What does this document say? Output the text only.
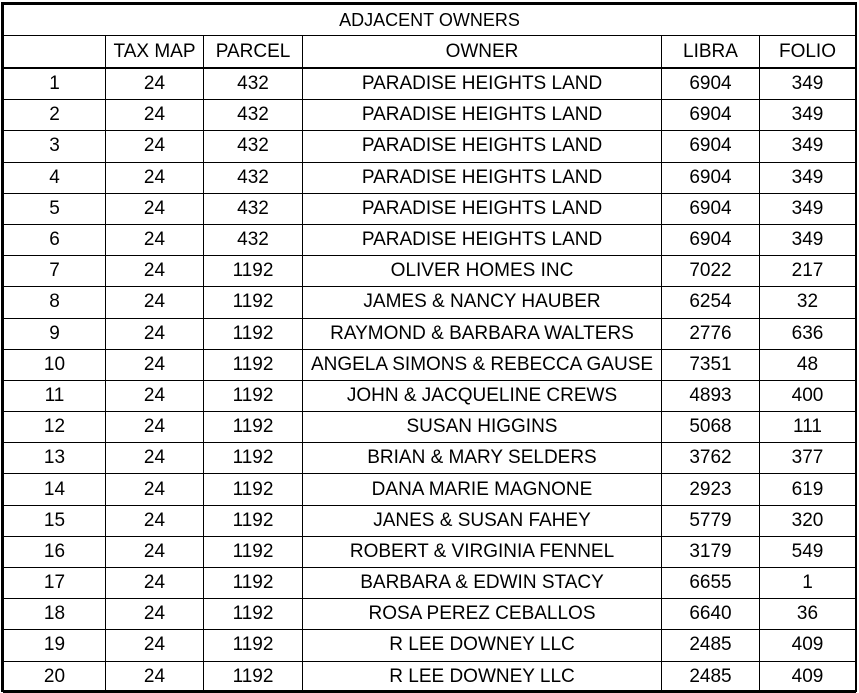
ADJACENT OWNERS					
	TAX MAP	PARCEL	OWNER	LIBRA	FOLIO
1	24	432	PARADISE HEIGHTS LAND	6904	349
2	24	432	PARADISE HEIGHTS LAND	6904	349
3	24	432	PARADISE HEIGHTS LAND	6904	349
4	24	432	PARADISE HEIGHTS LAND	6904	349
5	24	432	PARADISE HEIGHTS LAND	6904	349
6	24	432	PARADISE HEIGHTS LAND	6904	349
7	24	1192	OLIVER HOMES INC	7022	217
8	24	1192	JAMES & NANCY HAUBER	6254	32
9	24	1192	RAYMOND & BARBARA WALTERS	2776	636
10	24	1192	ANGELA SIMONS & REBECCA GAUSE	7351	48
11	24	1192	JOHN & JACQUELINE CREWS	4893	400
12	24	1192	SUSAN HIGGINS	5068	111
13	24	1192	BRIAN & MARY SELDERS	3762	377
14	24	1192	DANA MARIE MAGNONE	2923	619
15	24	1192	JANES & SUSAN FAHEY	5779	320
16	24	1192	ROBERT & VIRGINIA FENNEL	3179	549
17	24	1192	BARBARA & EDWIN STACY	6655	1
18	24	1192	ROSA PEREZ CEBALLOS	6640	36
19	24	1192	R LEE DOWNEY LLC	2485	409
20	24	1192	R LEE DOWNEY LLC	2485	409
